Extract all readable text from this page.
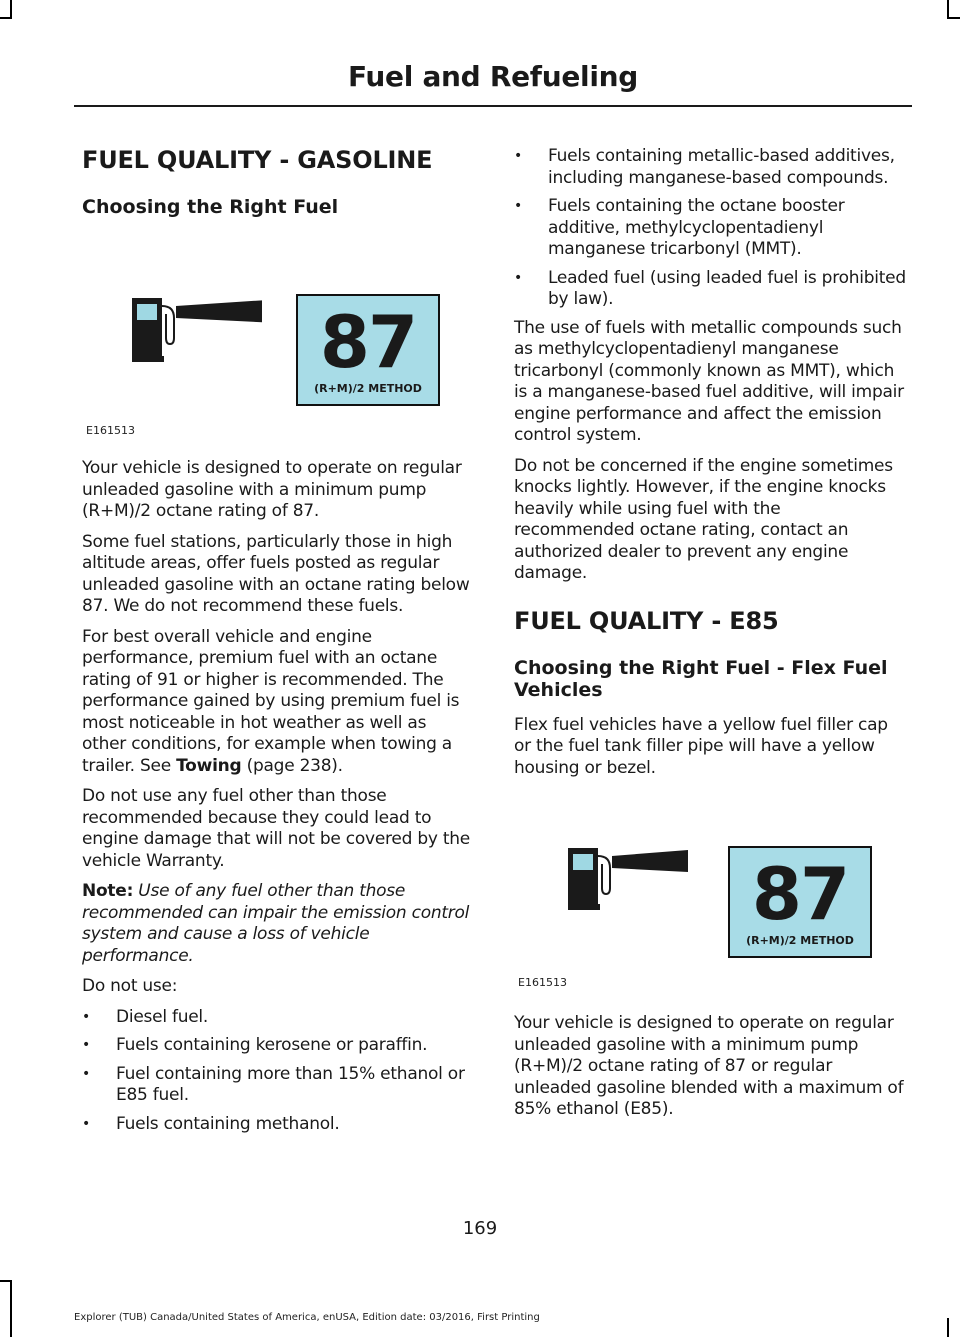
Fuel and Refueling
FUEL QUALITY - GASOLINE
Choosing the Right Fuel
87
(R+M)/2 METHOD
E161513

Your vehicle is designed to operate on regular unleaded gasoline with a minimum pump (R+M)/2 octane rating of 87.

Some fuel stations, particularly those in high altitude areas, offer fuels posted as regular unleaded gasoline with an octane rating below 87. We do not recommend these fuels.

For best overall vehicle and engine performance, premium fuel with an octane rating of 91 or higher is recommended. The performance gained by using premium fuel is most noticeable in hot weather as well as other conditions, for example when towing a trailer. See Towing (page 238).

Do not use any fuel other than those recommended because they could lead to engine damage that will not be covered by the vehicle Warranty.

Note: Use of any fuel other than those recommended can impair the emission control system and cause a loss of vehicle performance.

Do not use:

• Diesel fuel.
• Fuels containing kerosene or paraffin.
• Fuel containing more than 15% ethanol or E85 fuel.
• Fuels containing methanol.
• Fuels containing metallic-based additives, including manganese-based compounds.
• Fuels containing the octane booster additive, methylcyclopentadienyl manganese tricarbonyl (MMT).
• Leaded fuel (using leaded fuel is prohibited by law).

The use of fuels with metallic compounds such as methylcyclopentadienyl manganese tricarbonyl (commonly known as MMT), which is a manganese-based fuel additive, will impair engine performance and affect the emission control system.

Do not be concerned if the engine sometimes knocks lightly. However, if the engine knocks heavily while using fuel with the recommended octane rating, contact an authorized dealer to prevent any engine damage.

FUEL QUALITY - E85
Choosing the Right Fuel - Flex Fuel Vehicles

Flex fuel vehicles have a yellow fuel filler cap or the fuel tank filler pipe will have a yellow housing or bezel.

87
(R+M)/2 METHOD
E161513

Your vehicle is designed to operate on regular unleaded gasoline with a minimum pump (R+M)/2 octane rating of 87 or regular unleaded gasoline blended with a maximum of 85% ethanol (E85).

169
Explorer (TUB) Canada/United States of America, enUSA, Edition date: 03/2016, First Printing
